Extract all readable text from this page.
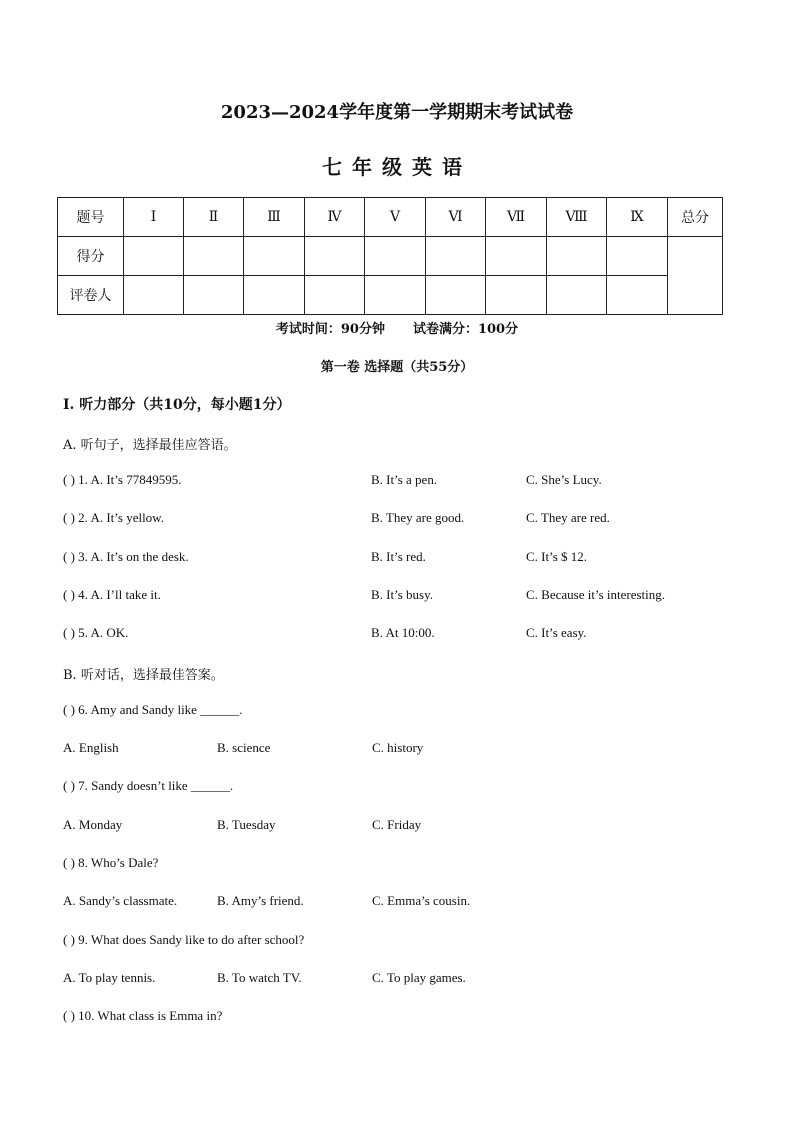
2023—2024学年度第一学期期末考试试卷
七年级英语
题号	Ⅰ	Ⅱ	Ⅲ	Ⅳ	Ⅴ	Ⅵ	Ⅶ	Ⅷ	Ⅸ	总分
得分										
评卷人										
考试时间：90分钟 试卷满分：100分
第一卷 选择题（共55分）
Ⅰ. 听力部分（共10分，每小题1分）
A. 听句子，选择最佳应答语。
( ) 1. A. It’s 77849595.	B. It’s a pen.	C. She’s Lucy.
( ) 2. A. It’s yellow.	B. They are good.	C. They are red.
( ) 3. A. It’s on the desk.	B. It’s red.	C. It’s $ 12.
( ) 4. A. I’ll take it.	B. It’s busy.	C. Because it’s interesting.
( ) 5. A. OK.	B. At 10:00.	C. It’s easy.
B. 听对话，选择最佳答案。
( ) 6. Amy and Sandy like ______.
A. English	B. science	C. history
( ) 7. Sandy doesn’t like ______.
A. Monday	B. Tuesday	C. Friday
( ) 8. Who’s Dale?
A. Sandy’s classmate.	B. Amy’s friend.	C. Emma’s cousin.
( ) 9. What does Sandy like to do after school?
A. To play tennis.	B. To watch TV.	C. To play games.
( ) 10. What class is Emma in?
